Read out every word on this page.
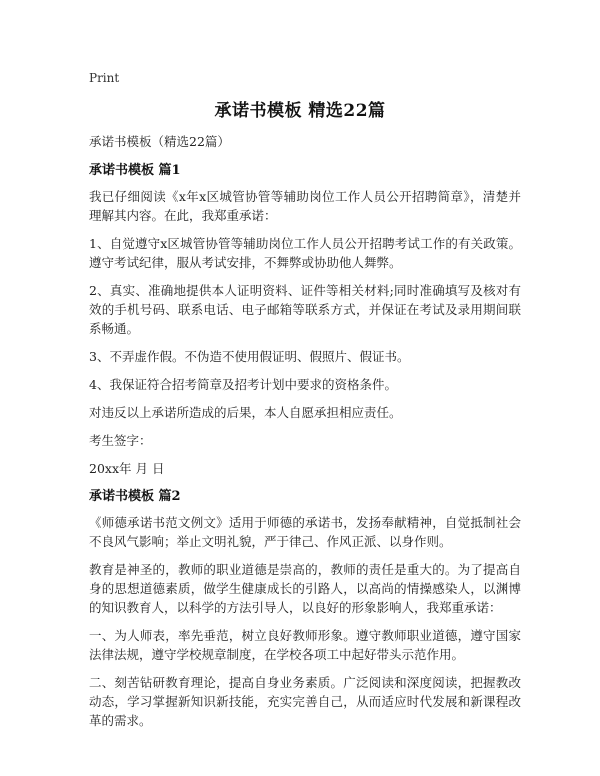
Print
承诺书模板 精选22篇
承诺书模板（精选22篇）
承诺书模板 篇1
我已仔细阅读《x年x区城管协管等辅助岗位工作人员公开招聘简章》，清楚并理解其内容。在此，我郑重承诺：
1、自觉遵守x区城管协管等辅助岗位工作人员公开招聘考试工作的有关政策。遵守考试纪律，服从考试安排，不舞弊或协助他人舞弊。
2、真实、准确地提供本人证明资料、证件等相关材料;同时准确填写及核对有效的手机号码、联系电话、电子邮箱等联系方式，并保证在考试及录用期间联系畅通。
3、不弄虚作假。不伪造不使用假证明、假照片、假证书。
4、我保证符合招考简章及招考计划中要求的资格条件。
对违反以上承诺所造成的后果，本人自愿承担相应责任。
考生签字：
20xx年 月 日
承诺书模板 篇2
《师德承诺书范文例文》适用于师德的承诺书，发扬奉献精神，自觉抵制社会不良风气影响；举止文明礼貌，严于律己、作风正派、以身作则。
教育是神圣的，教师的职业道德是崇高的，教师的责任是重大的。为了提高自身的思想道德素质，做学生健康成长的引路人，以高尚的情操感染人，以渊博的知识教育人，以科学的方法引导人，以良好的形象影响人，我郑重承诺：
一、为人师表，率先垂范，树立良好教师形象。遵守教师职业道德，遵守国家法律法规，遵守学校规章制度，在学校各项工中起好带头示范作用。
二、刻苦钻研教育理论，提高自身业务素质。广泛阅读和深度阅读，把握教改动态，学习掌握新知识新技能，充实完善自己，从而适应时代发展和新课程改革的需求。
